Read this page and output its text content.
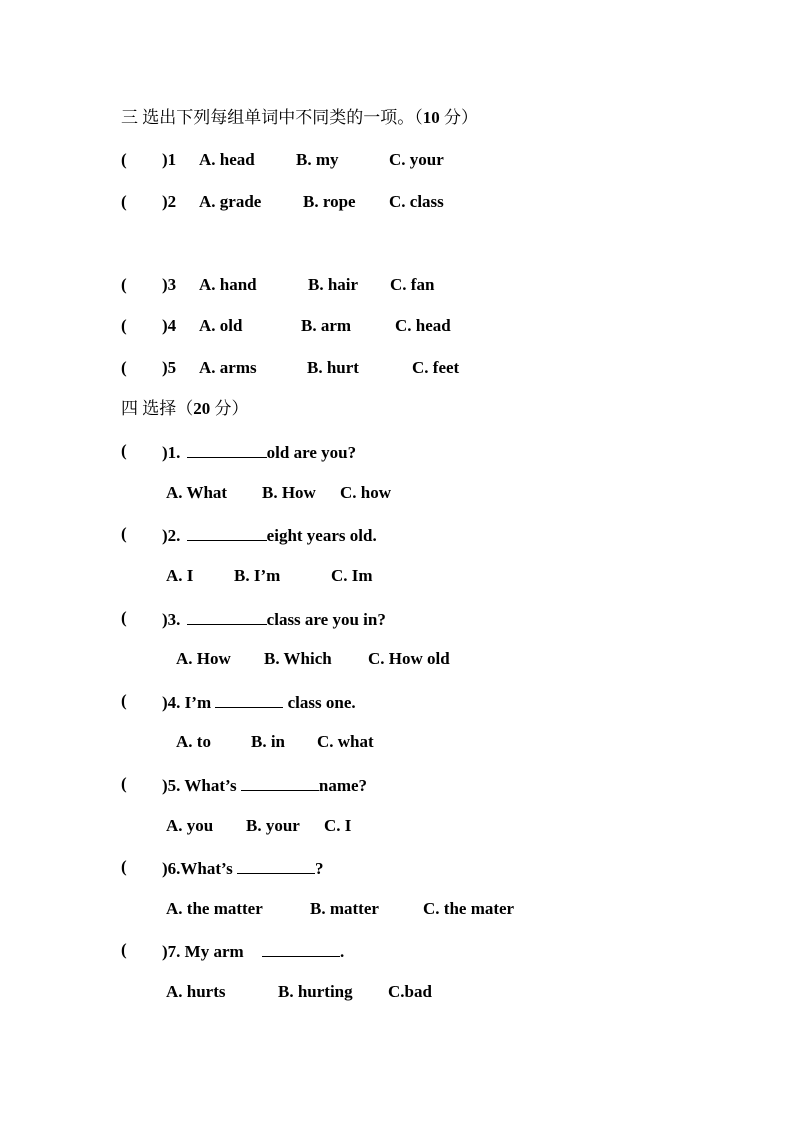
三 选出下列每组单词中不同类的一项。（10 分）
( )1 A. head B. my	C. your
( )2 A. grade B. rope C. class
( )3 A. hand	B. hair C. fan
( )4 A. old	B. arm	C. head
( )5 A. arms	B. hurt	C. feet
四 选择（20 分）
( )1.	old are you?
A. What B. How C. how
( )2.	eight years old.
A. I B. I’m	C. Im
( )3.	class are you in?
A. How B. Which C. How old
( )4. I’m	class one.
A. to B. in C. what
( )5. What’s	name?
A. you B. your C. I
( )6.What’s	?
A. the matter	B. matter	C. the mater
( )7. My arm	.
A. hurts	B. hurting C.bad
